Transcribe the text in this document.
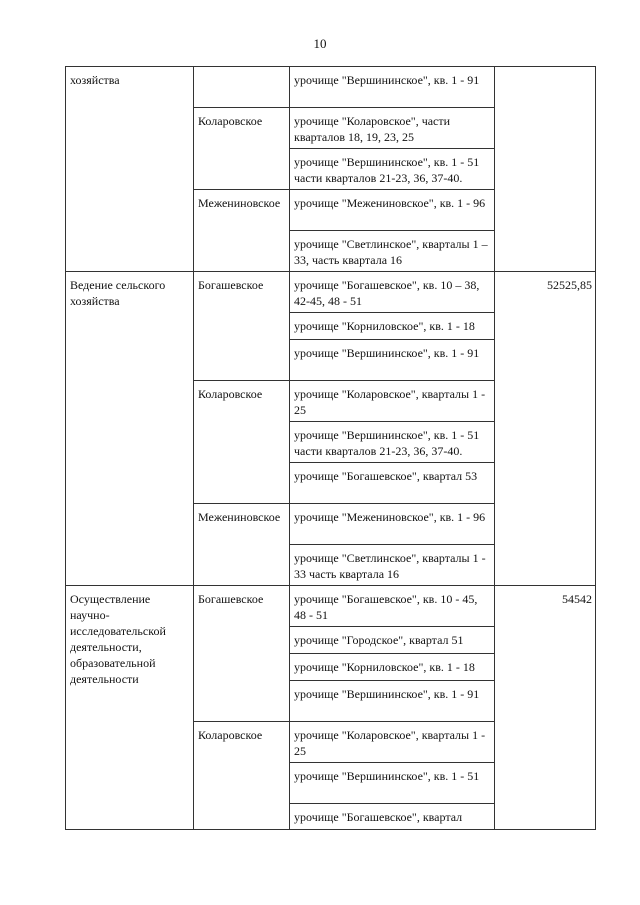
10
хозяйства		урочище "Вершининское", кв. 1 - 91	
	Коларовское	урочище "Коларовское", части кварталов 18, 19, 23, 25	
		урочище "Вершининское", кв. 1 - 51 части кварталов 21-23, 36, 37-40.	
	Межениновское	урочище "Межениновское", кв. 1 - 96	
		урочище "Светлинское", кварталы 1 – 33, часть квартала 16	
Ведение сельского хозяйства	Богашевское	урочище "Богашевское", кв. 10 – 38, 42-45, 48 - 51	52525,85
		урочище "Корниловское", кв. 1 - 18	
		урочище "Вершининское", кв. 1 - 91	
	Коларовское	урочище "Коларовское", кварталы 1 - 25	
		урочище "Вершининское", кв. 1 - 51 части кварталов 21-23, 36, 37-40.	
		урочище "Богашевское", квартал 53	
	Межениновское	урочище "Межениновское", кв. 1 - 96	
		урочище "Светлинское", кварталы 1 - 33 часть квартала 16	
Осуществление научно-исследовательской деятельности, образовательной деятельности	Богашевское	урочище "Богашевское", кв. 10 - 45, 48 - 51	54542
		урочище "Городское", квартал 51	
		урочище "Корниловское", кв. 1 - 18	
		урочище "Вершининское", кв. 1 - 91	
	Коларовское	урочище "Коларовское", кварталы 1 - 25	
		урочище "Вершининское", кв. 1 - 51	
		урочище "Богашевское", квартал	
